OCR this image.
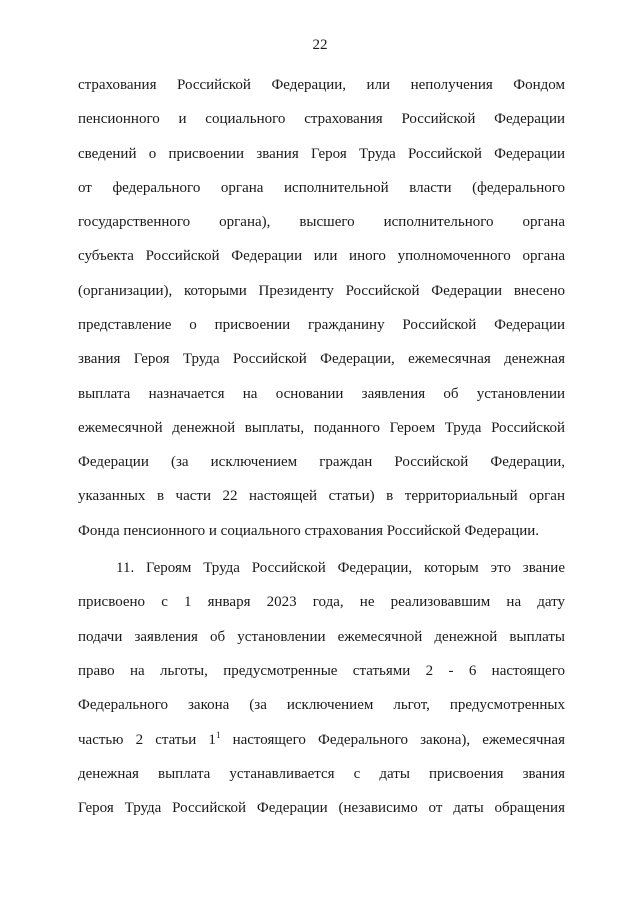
22
страхования Российской Федерации, или неполучения Фондом
пенсионного и социального страхования Российской Федерации
сведений о присвоении звания Героя Труда Российской Федерации
от федерального органа исполнительной власти (федерального
государственного органа), высшего исполнительного органа
субъекта Российской Федерации или иного уполномоченного органа
(организации), которыми Президенту Российской Федерации внесено
представление о присвоении гражданину Российской Федерации
звания Героя Труда Российской Федерации, ежемесячная денежная
выплата назначается на основании заявления об установлении
ежемесячной денежной выплаты, поданного Героем Труда Российской
Федерации (за исключением граждан Российской Федерации,
указанных в части 22 настоящей статьи) в территориальный орган
Фонда пенсионного и социального страхования Российской Федерации.
11. Героям Труда Российской Федерации, которым это звание
присвоено с 1 января 2023 года, не реализовавшим на дату
подачи заявления об установлении ежемесячной денежной выплаты
право на льготы, предусмотренные статьями 2 - 6 настоящего
Федерального закона (за исключением льгот, предусмотренных
частью 2 статьи 1$^1$ настоящего Федерального закона), ежемесячная
денежная выплата устанавливается с даты присвоения звания
Героя Труда Российской Федерации (независимо от даты обращения
